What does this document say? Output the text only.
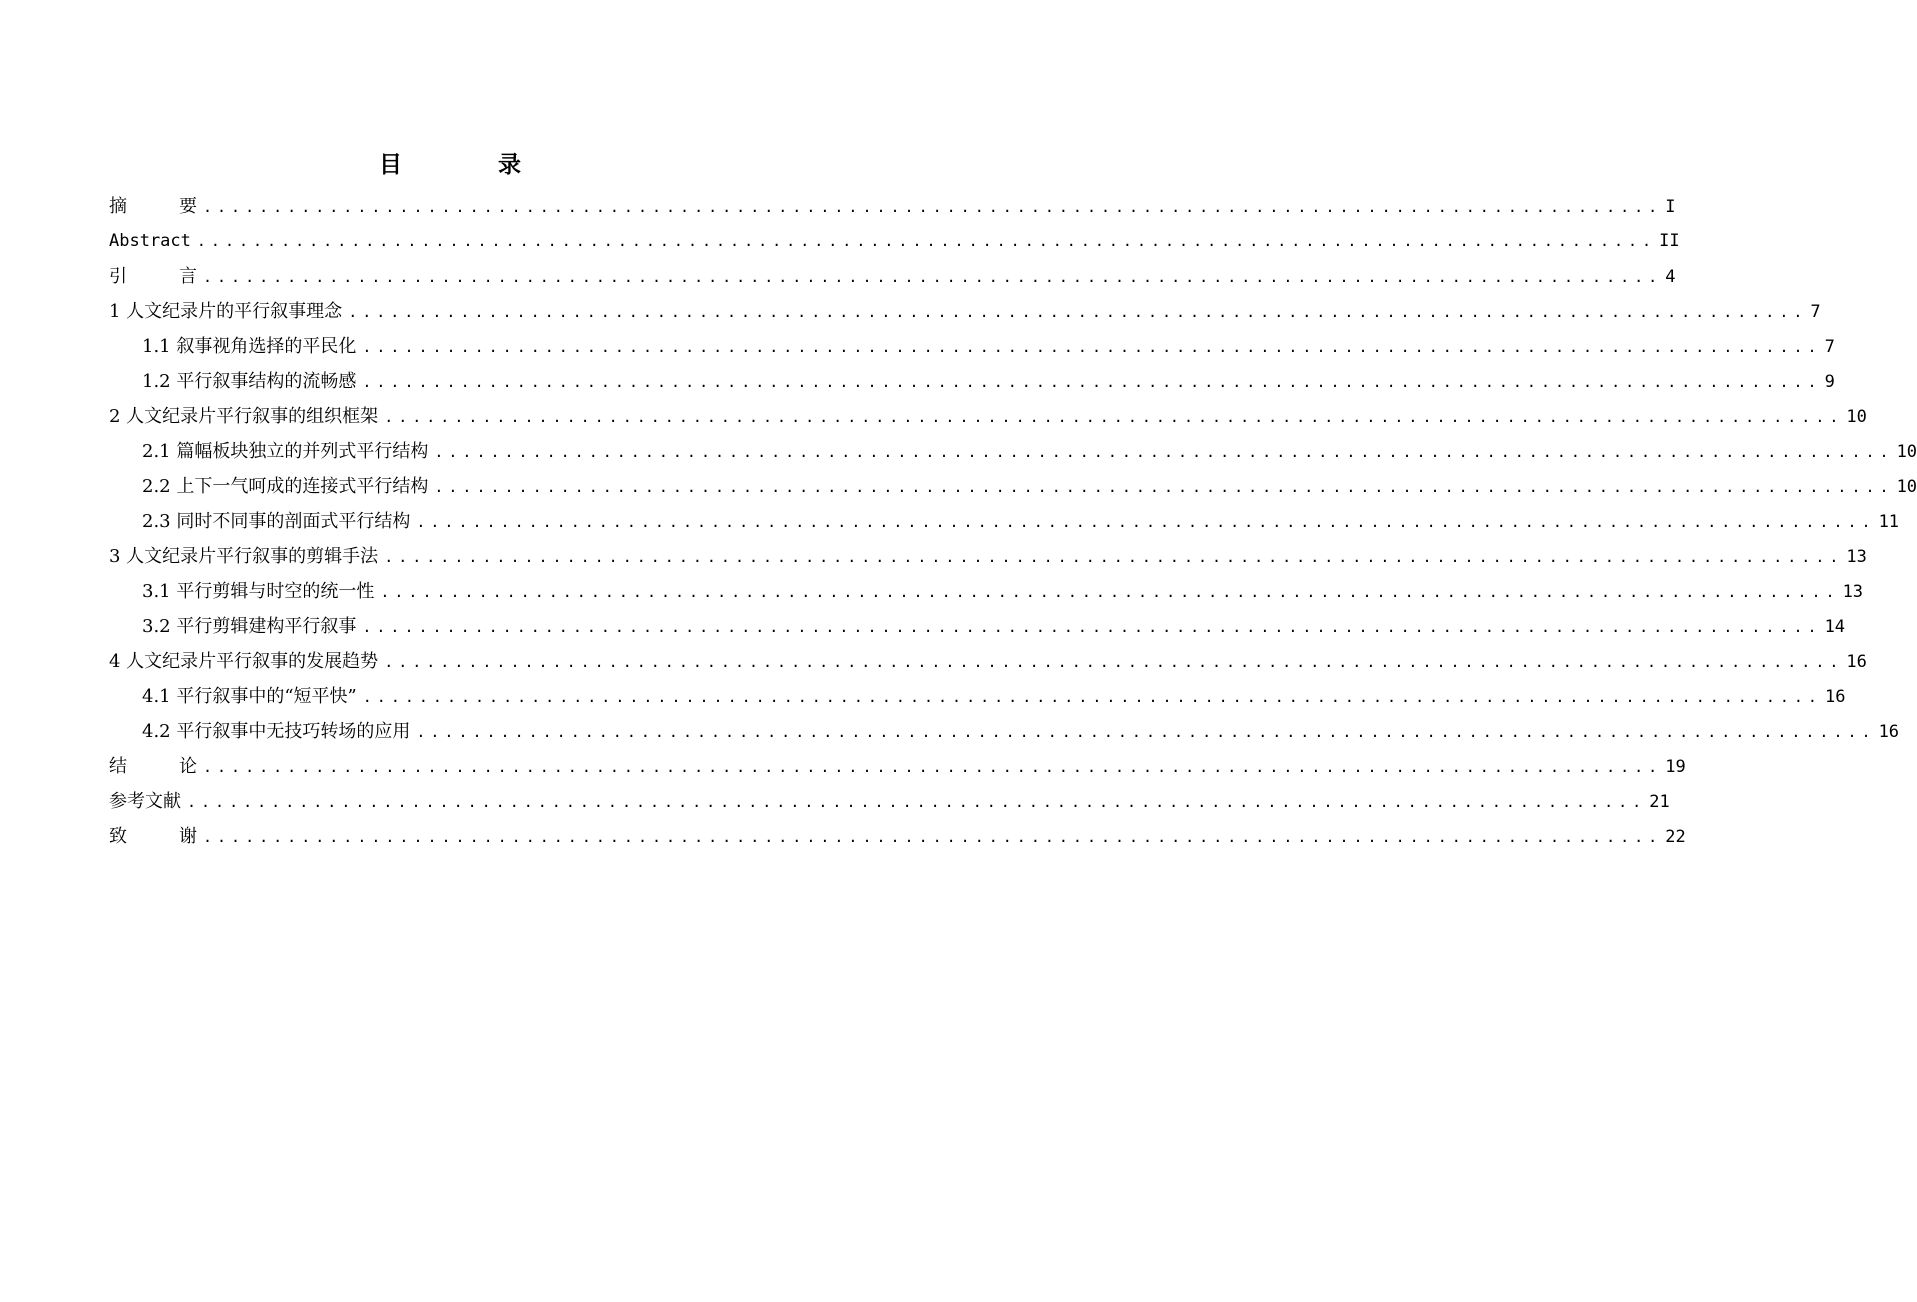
目 录
摘要 ........................................................................................................ I
Abstract ........................................................................................................ II
引言 ........................................................................................................ 4
1 人文纪录片的平行叙事理念 ........................................................................................................ 7
1.1 叙事视角选择的平民化 ........................................................................................................ 7
1.2 平行叙事结构的流畅感 ........................................................................................................ 9
2 人文纪录片平行叙事的组织框架 ........................................................................................................ 10
2.1 篇幅板块独立的并列式平行结构 ........................................................................................................ 10
2.2 上下一气呵成的连接式平行结构 ........................................................................................................ 10
2.3 同时不同事的剖面式平行结构 ........................................................................................................ 11
3 人文纪录片平行叙事的剪辑手法 ........................................................................................................ 13
3.1 平行剪辑与时空的统一性 ........................................................................................................ 13
3.2 平行剪辑建构平行叙事 ........................................................................................................ 14
4 人文纪录片平行叙事的发展趋势 ........................................................................................................ 16
4.1 平行叙事中的“短平快” ........................................................................................................ 16
4.2 平行叙事中无技巧转场的应用 ........................................................................................................ 16
结论 ........................................................................................................ 19
参考文献 ........................................................................................................ 21
致谢 ........................................................................................................ 22
